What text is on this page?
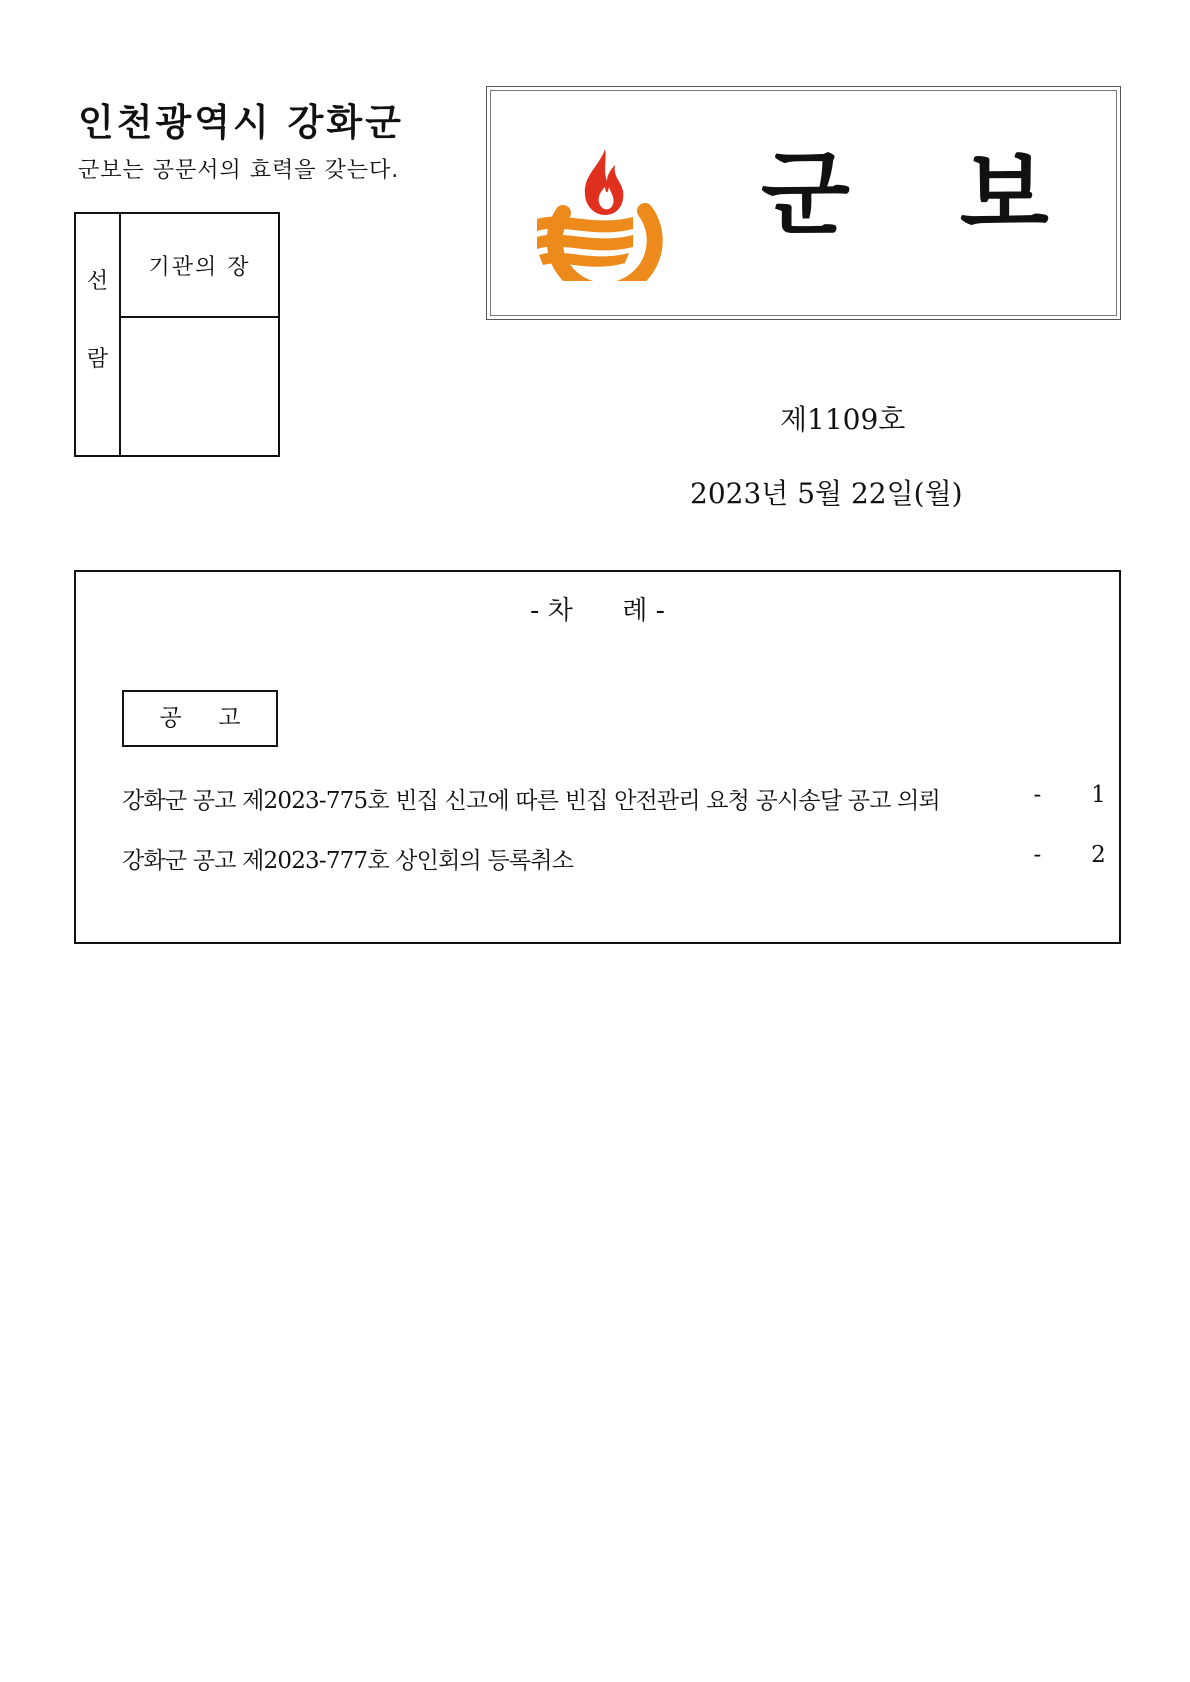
인천광역시 강화군
군보는 공문서의 효력을 갖는다.
선
람
기관의 장
군보
제1109호
2023년 5월 22일(월)
- 차      례 -
공     고
강화군 공고 제2023-775호 빈집 신고에 따른 빈집 안전관리 요청 공시송달 공고 의뢰	-	1
강화군 공고 제2023-777호 상인회의 등록취소	-	2
